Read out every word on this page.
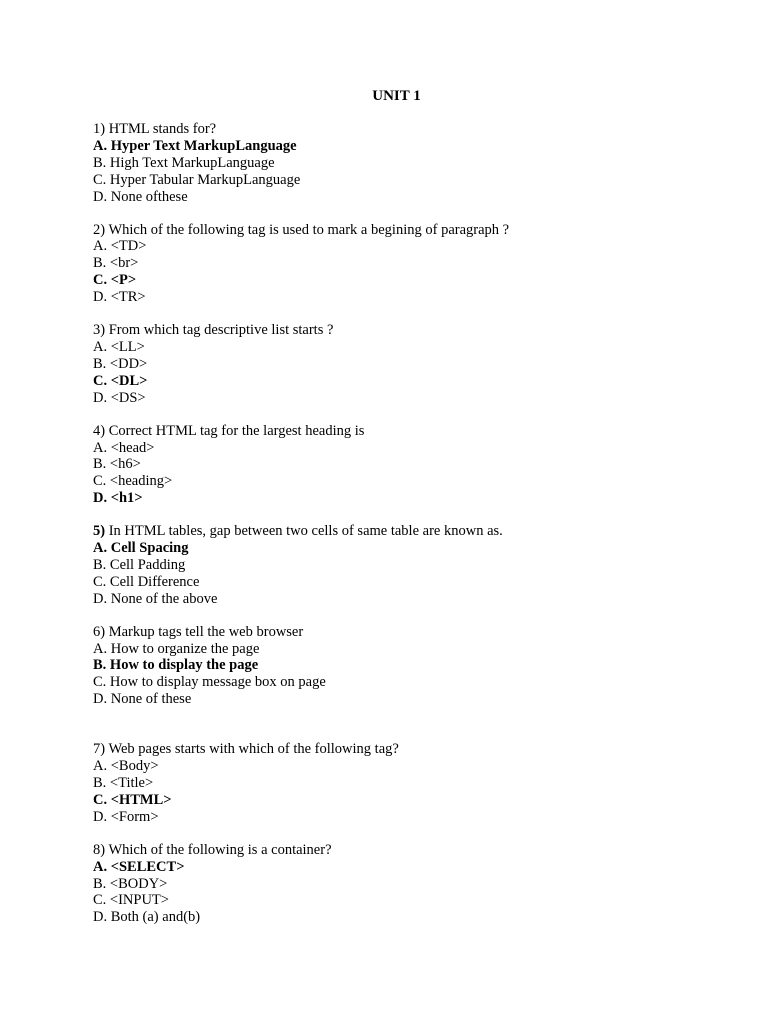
UNIT 1
1) HTML stands for?
A. Hyper Text MarkupLanguage
B. High Text MarkupLanguage
C. Hyper Tabular MarkupLanguage
D. None ofthese
2) Which of the following tag is used to mark a begining of paragraph ?
A. <TD>
B. <br>
C. <P>
D. <TR>
3) From which tag descriptive list starts ?
A. <LL>
B. <DD>
C. <DL>
D. <DS>
4) Correct HTML tag for the largest heading is
A. <head>
B. <h6>
C. <heading>
D. <h1>
5) In HTML tables, gap between two cells of same table are known as.
A. Cell Spacing
B. Cell Padding
C. Cell Difference
D. None of the above
6) Markup tags tell the web browser
A. How to organize the page
B. How to display the page
C. How to display message box on page
D. None of these
7) Web pages starts with which of the following tag?
A. <Body>
B. <Title>
C. <HTML>
D. <Form>
8) Which of the following is a container?
A. <SELECT>
B. <BODY>
C. <INPUT>
D. Both (a) and(b)
